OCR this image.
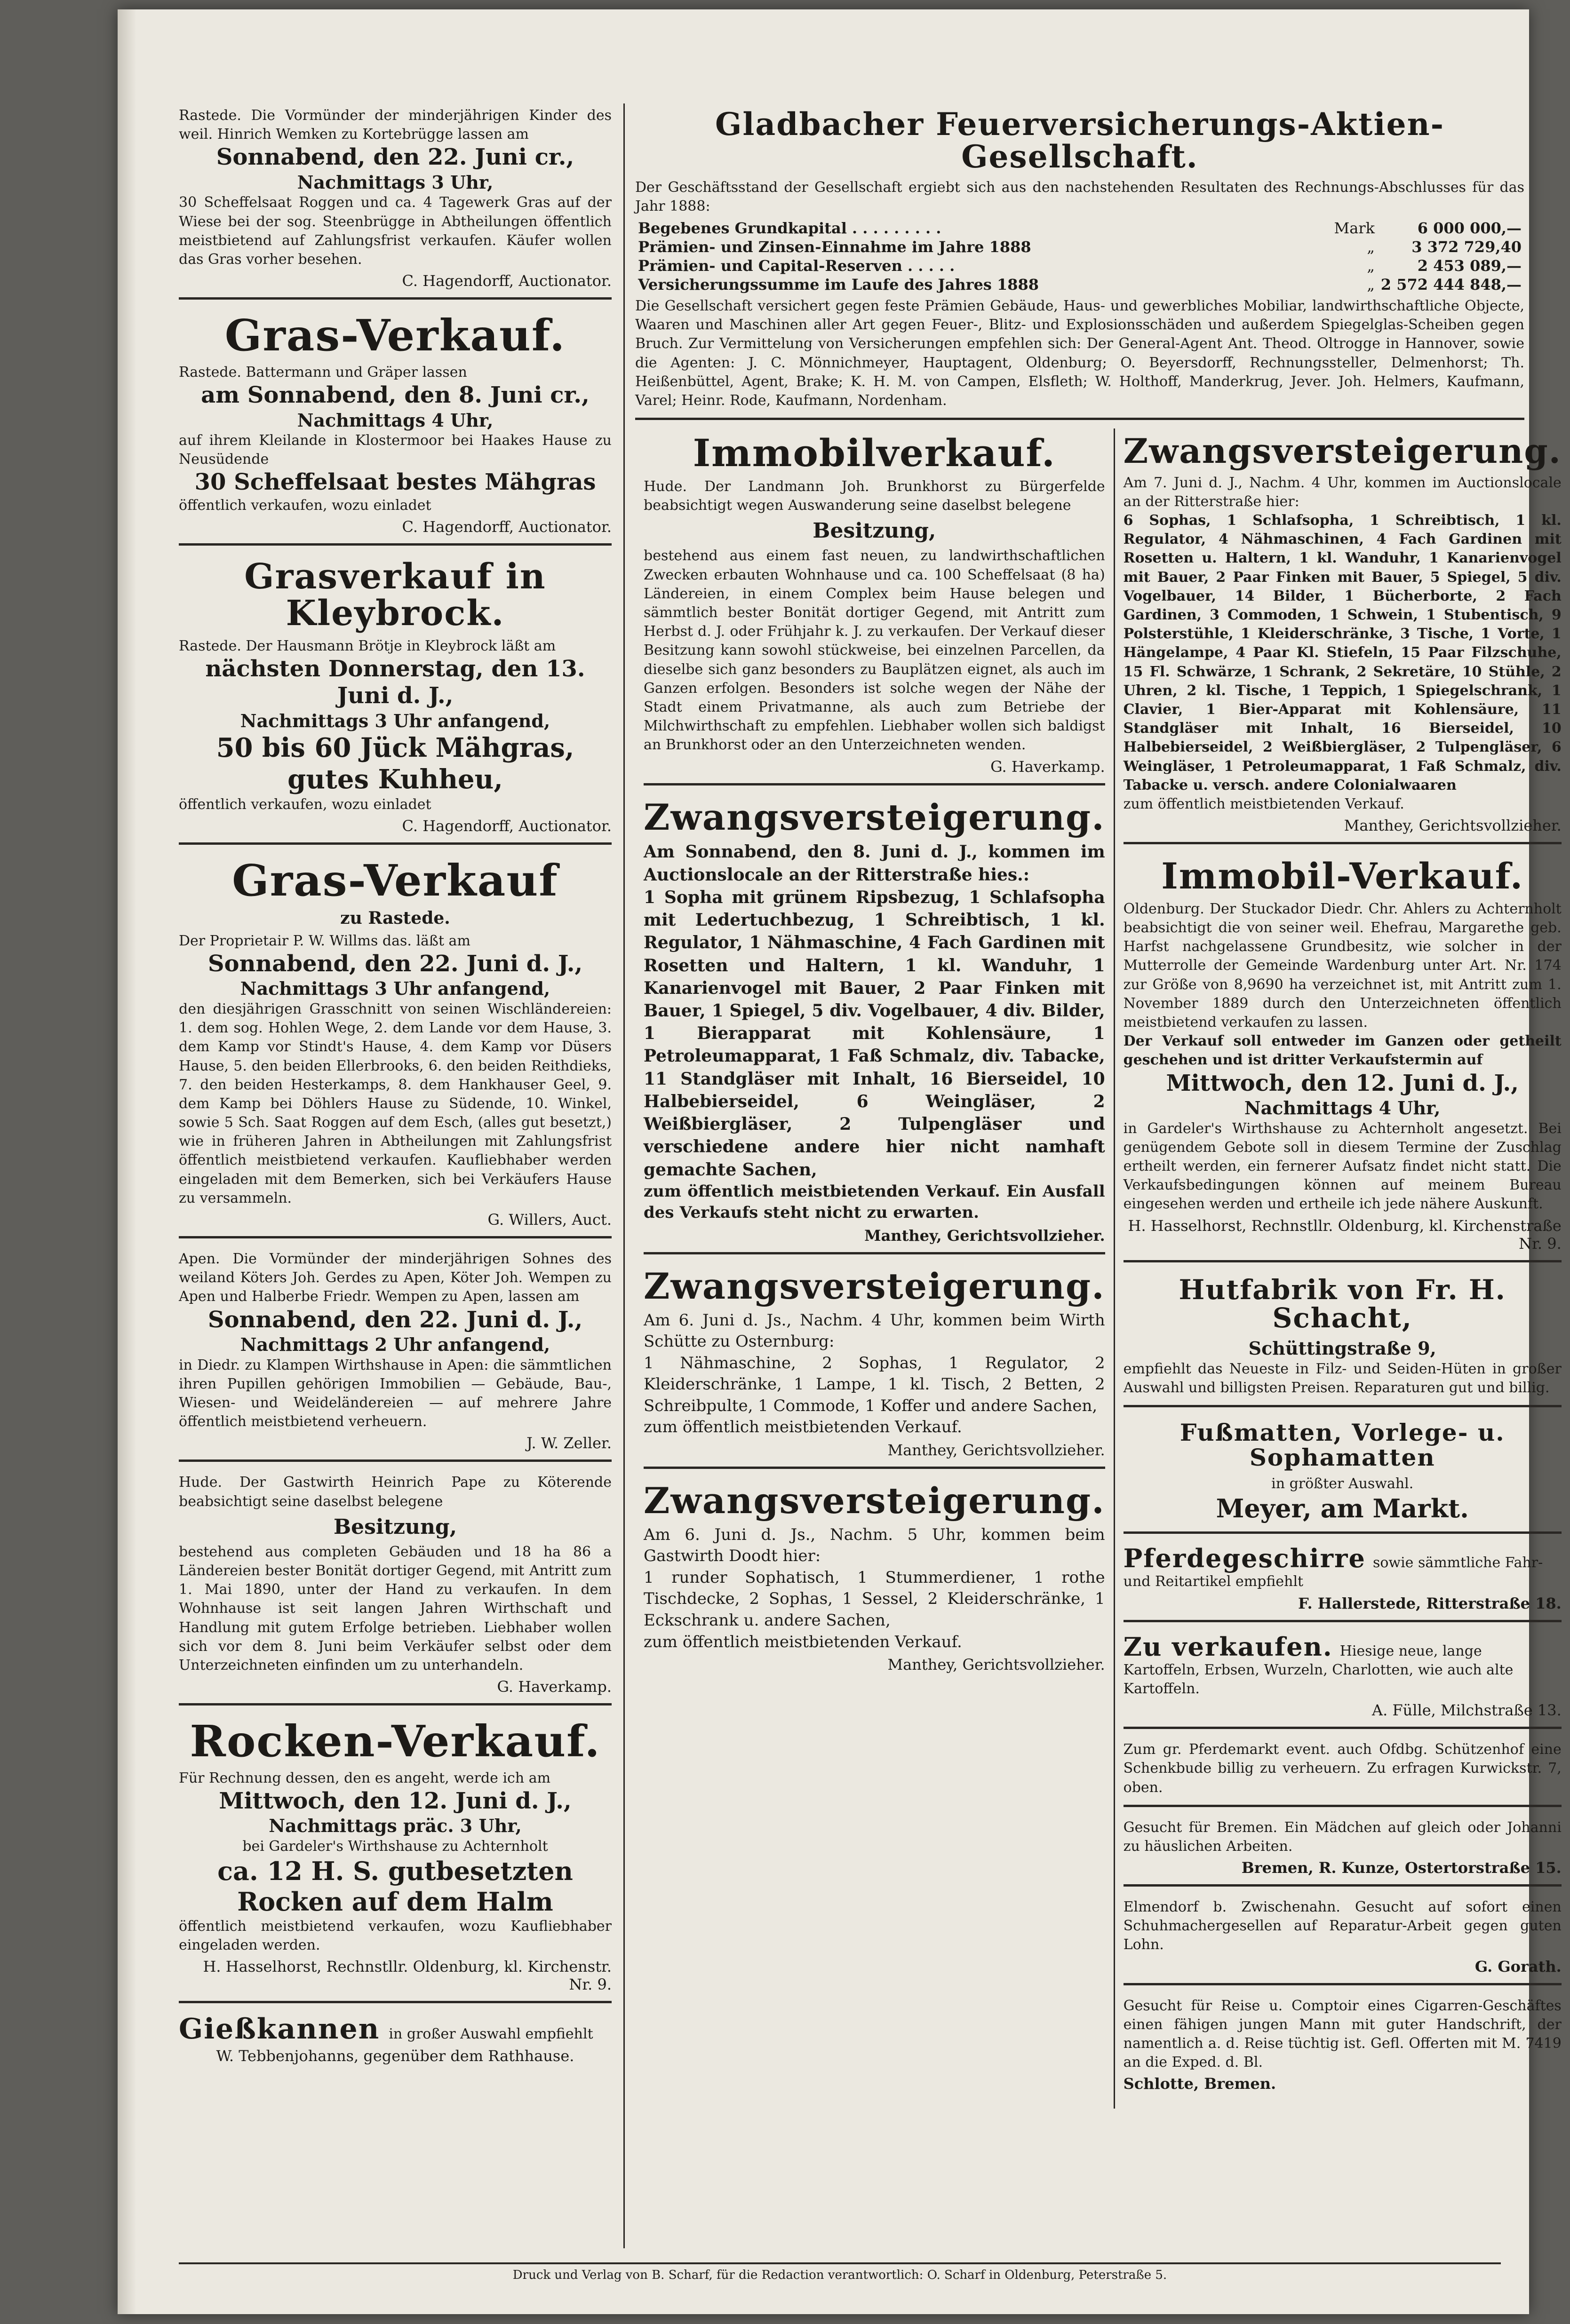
Rastede. Die Vormünder der minderjährigen Kinder des weil. Hinrich Wemken zu Kortebrügge lassen am

Sonnabend, den 22. Juni cr.,
Nachmittags 3 Uhr,

30 Scheffelsaat Roggen und ca. 4 Tagewerk Gras auf der Wiese bei der sog. Steenbrügge in Abtheilungen öffentlich meistbietend auf Zahlungsfrist verkaufen. Käufer wollen das Gras vorher besehen.

C. Hagendorff, Auctionator.
Gras-Verkauf.

Rastede. Battermann und Gräper lassen

am Sonnabend, den 8. Juni cr.,
Nachmittags 4 Uhr,

auf ihrem Kleilande in Klostermoor bei Haakes Hause zu Neusüdende

30 Scheffelsaat bestes Mähgras

öffentlich verkaufen, wozu einladet

C. Hagendorff, Auctionator.
Grasverkauf in Kleybrock.

Rastede. Der Hausmann Brötje in Kleybrock läßt am

nächsten Donnerstag, den 13. Juni d. J.,
Nachmittags 3 Uhr anfangend,
50 bis 60 Jück Mähgras, gutes Kuhheu,

öffentlich verkaufen, wozu einladet

C. Hagendorff, Auctionator.
Gras-Verkauf
zu Rastede.

Der Proprietair P. W. Willms das. läßt am

Sonnabend, den 22. Juni d. J.,
Nachmittags 3 Uhr anfangend,

den diesjährigen Grasschnitt von seinen Wischländereien: 1. dem sog. Hohlen Wege, 2. dem Lande vor dem Hause, 3. dem Kamp vor Stindt's Hause, 4. dem Kamp vor Düsers Hause, 5. den beiden Ellerbrooks, 6. den beiden Reithdieks, 7. den beiden Hesterkamps, 8. dem Hankhauser Geel, 9. dem Kamp bei Döhlers Hause zu Südende, 10. Winkel, sowie 5 Sch. Saat Roggen auf dem Esch, (alles gut besetzt,) wie in früheren Jahren in Abtheilungen mit Zahlungsfrist öffentlich meistbietend verkaufen. Kaufliebhaber werden eingeladen mit dem Bemerken, sich bei Verkäufers Hause zu versammeln.

G. Willers, Auct.

Apen. Die Vormünder der minderjährigen Sohnes des weiland Köters Joh. Gerdes zu Apen, Köter Joh. Wempen zu Apen und Halberbe Friedr. Wempen zu Apen, lassen am

Sonnabend, den 22. Juni d. J.,
Nachmittags 2 Uhr anfangend,

in Diedr. zu Klampen Wirthshause in Apen: die sämmtlichen ihren Pupillen gehörigen Immobilien — Gebäude, Bau-, Wiesen- und Weideländereien — auf mehrere Jahre öffentlich meistbietend verheuern.

J. W. Zeller.

Hude. Der Gastwirth Heinrich Pape zu Köterende beabsichtigt seine daselbst belegene

Besitzung,

bestehend aus completen Gebäuden und 18 ha 86 a Ländereien bester Bonität dortiger Gegend, mit Antritt zum 1. Mai 1890, unter der Hand zu verkaufen. In dem Wohnhause ist seit langen Jahren Wirthschaft und Handlung mit gutem Erfolge betrieben. Liebhaber wollen sich vor dem 8. Juni beim Verkäufer selbst oder dem Unterzeichneten einfinden um zu unterhandeln.

G. Haverkamp.
Rocken-Verkauf.

Für Rechnung dessen, den es angeht, werde ich am

Mittwoch, den 12. Juni d. J.,
Nachmittags präc. 3 Uhr,

bei Gardeler's Wirthshause zu Achternholt

ca. 12 H. S. gutbesetzten Rocken auf dem Halm

öffentlich meistbietend verkaufen, wozu Kaufliebhaber eingeladen werden.

H. Hasselhorst, Rechnstllr. Oldenburg, kl. Kirchenstr. Nr. 9.
Gießkannen in großer Auswahl empfiehlt
W. Tebbenjohanns, gegenüber dem Rathhause.
Gladbacher Feuerversicherungs-Aktien-Gesellschaft.

Der Geschäftsstand der Gesellschaft ergiebt sich aus den nachstehenden Resultaten des Rechnungs-Abschlusses für das Jahr 1888:

Begebenes Grundkapital . . . . . . . . .	Mark	6 000 000,—
Prämien- und Zinsen-Einnahme im Jahre 1888	„	3 372 729,40
Prämien- und Capital-Reserven . . . . .	„	2 453 089,—
Versicherungssumme im Laufe des Jahres 1888	„	2 572 444 848,—

Die Gesellschaft versichert gegen feste Prämien Gebäude, Haus- und gewerbliches Mobiliar, landwirthschaftliche Objecte, Waaren und Maschinen aller Art gegen Feuer-, Blitz- und Explosionsschäden und außerdem Spiegelglas-Scheiben gegen Bruch. Zur Vermittelung von Versicherungen empfehlen sich: Der General-Agent Ant. Theod. Oltrogge in Hannover, sowie die Agenten: J. C. Mönnichmeyer, Hauptagent, Oldenburg; O. Beyersdorff, Rechnungssteller, Delmenhorst; Th. Heißenbüttel, Agent, Brake; K. H. M. von Campen, Elsfleth; W. Holthoff, Manderkrug, Jever. Joh. Helmers, Kaufmann, Varel; Heinr. Rode, Kaufmann, Nordenham.

Immobilverkauf.

Hude. Der Landmann Joh. Brunkhorst zu Bürgerfelde beabsichtigt wegen Auswanderung seine daselbst belegene

Besitzung,

bestehend aus einem fast neuen, zu landwirthschaftlichen Zwecken erbauten Wohnhause und ca. 100 Scheffelsaat (8 ha) Ländereien, in einem Complex beim Hause belegen und sämmtlich bester Bonität dortiger Gegend, mit Antritt zum Herbst d. J. oder Frühjahr k. J. zu verkaufen. Der Verkauf dieser Besitzung kann sowohl stückweise, bei einzelnen Parcellen, da dieselbe sich ganz besonders zu Bauplätzen eignet, als auch im Ganzen erfolgen. Besonders ist solche wegen der Nähe der Stadt einem Privatmanne, als auch zum Betriebe der Milchwirthschaft zu empfehlen. Liebhaber wollen sich baldigst an Brunkhorst oder an den Unterzeichneten wenden.

G. Haverkamp.
Zwangsversteigerung.

Am Sonnabend, den 8. Juni d. J., kommen im Auctionslocale an der Ritterstraße hies.:

1 Sopha mit grünem Ripsbezug, 1 Schlafsopha mit Ledertuchbezug, 1 Schreibtisch, 1 kl. Regulator, 1 Nähmaschine, 4 Fach Gardinen mit Rosetten und Haltern, 1 kl. Wanduhr, 1 Kanarienvogel mit Bauer, 2 Paar Finken mit Bauer, 1 Spiegel, 5 div. Vogelbauer, 4 div. Bilder, 1 Bierapparat mit Kohlensäure, 1 Petroleumapparat, 1 Faß Schmalz, div. Tabacke, 11 Standgläser mit Inhalt, 16 Bierseidel, 10 Halbebierseidel, 6 Weingläser, 2 Weißbiergläser, 2 Tulpengläser und verschiedene andere hier nicht namhaft gemachte Sachen,

zum öffentlich meistbietenden Verkauf. Ein Ausfall des Verkaufs steht nicht zu erwarten.

Manthey, Gerichtsvollzieher.
Zwangsversteigerung.

Am 6. Juni d. Js., Nachm. 4 Uhr, kommen beim Wirth Schütte zu Osternburg:

1 Nähmaschine, 2 Sophas, 1 Regulator, 2 Kleiderschränke, 1 Lampe, 1 kl. Tisch, 2 Betten, 2 Schreibpulte, 1 Commode, 1 Koffer und andere Sachen,

zum öffentlich meistbietenden Verkauf.

Manthey, Gerichtsvollzieher.
Zwangsversteigerung.

Am 6. Juni d. Js., Nachm. 5 Uhr, kommen beim Gastwirth Doodt hier:

1 runder Sophatisch, 1 Stummerdiener, 1 rothe Tischdecke, 2 Sophas, 1 Sessel, 2 Kleiderschränke, 1 Eckschrank u. andere Sachen,

zum öffentlich meistbietenden Verkauf.

Manthey, Gerichtsvollzieher.
Zwangsversteigerung.

Am 7. Juni d. J., Nachm. 4 Uhr, kommen im Auctionslocale an der Ritterstraße hier:

6 Sophas, 1 Schlafsopha, 1 Schreibtisch, 1 kl. Regulator, 4 Nähmaschinen, 4 Fach Gardinen mit Rosetten u. Haltern, 1 kl. Wanduhr, 1 Kanarienvogel mit Bauer, 2 Paar Finken mit Bauer, 5 Spiegel, 5 div. Vogelbauer, 14 Bilder, 1 Bücherborte, 2 Fach Gardinen, 3 Commoden, 1 Schwein, 1 Stubentisch, 9 Polsterstühle, 1 Kleiderschränke, 3 Tische, 1 Vorte, 1 Hängelampe, 4 Paar Kl. Stiefeln, 15 Paar Filzschuhe, 15 Fl. Schwärze, 1 Schrank, 2 Sekretäre, 10 Stühle, 2 Uhren, 2 kl. Tische, 1 Teppich, 1 Spiegelschrank, 1 Clavier, 1 Bier-Apparat mit Kohlensäure, 11 Standgläser mit Inhalt, 16 Bierseidel, 10 Halbebierseidel, 2 Weißbiergläser, 2 Tulpengläser, 6 Weingläser, 1 Petroleumapparat, 1 Faß Schmalz, div. Tabacke u. versch. andere Colonialwaaren

zum öffentlich meistbietenden Verkauf.

Manthey, Gerichtsvollzieher.
Immobil-Verkauf.

Oldenburg. Der Stuckador Diedr. Chr. Ahlers zu Achternholt beabsichtigt die von seiner weil. Ehefrau, Margarethe geb. Harfst nachgelassene Grundbesitz, wie solcher in der Mutterrolle der Gemeinde Wardenburg unter Art. Nr. 174 zur Größe von 8,9690 ha verzeichnet ist, mit Antritt zum 1. November 1889 durch den Unterzeichneten öffentlich meistbietend verkaufen zu lassen.

Der Verkauf soll entweder im Ganzen oder getheilt geschehen und ist dritter Verkaufstermin auf

Mittwoch, den 12. Juni d. J.,
Nachmittags 4 Uhr,

in Gardeler's Wirthshause zu Achternholt angesetzt. Bei genügendem Gebote soll in diesem Termine der Zuschlag ertheilt werden, ein fernerer Aufsatz findet nicht statt. Die Verkaufsbedingungen können auf meinem Bureau eingesehen werden und ertheile ich jede nähere Auskunft.

H. Hasselhorst, Rechnstllr. Oldenburg, kl. Kirchenstraße Nr. 9.
Hutfabrik von Fr. H. Schacht,
Schüttingstraße 9,

empfiehlt das Neueste in Filz- und Seiden-Hüten in großer Auswahl und billigsten Preisen. Reparaturen gut und billig.

Fußmatten, Vorlege- u. Sophamatten

in größter Auswahl.

Meyer, am Markt.
Pferdegeschirre sowie sämmtliche Fahr- und Reitartikel empfiehlt
F. Hallerstede, Ritterstraße 18.
Zu verkaufen. Hiesige neue, lange Kartoffeln, Erbsen, Wurzeln, Charlotten, wie auch alte Kartoffeln.
A. Fülle, Milchstraße 13.

Zum gr. Pferdemarkt event. auch Ofdbg. Schützenhof eine Schenkbude billig zu verheuern. Zu erfragen Kurwickstr. 7, oben.

Gesucht für Bremen. Ein Mädchen auf gleich oder Johanni zu häuslichen Arbeiten.

Bremen, R. Kunze, Ostertorstraße 15.

Elmendorf b. Zwischenahn. Gesucht auf sofort einen Schuhmachergesellen auf Reparatur-Arbeit gegen guten Lohn.

G. Gorath.

Gesucht für Reise u. Comptoir eines Cigarren-Geschäftes einen fähigen jungen Mann mit guter Handschrift, der namentlich a. d. Reise tüchtig ist. Gefl. Offerten mit M. 7419 an die Exped. d. Bl.

Schlotte, Bremen.
Druck und Verlag von B. Scharf, für die Redaction verantwortlich: O. Scharf in Oldenburg, Peterstraße 5.
